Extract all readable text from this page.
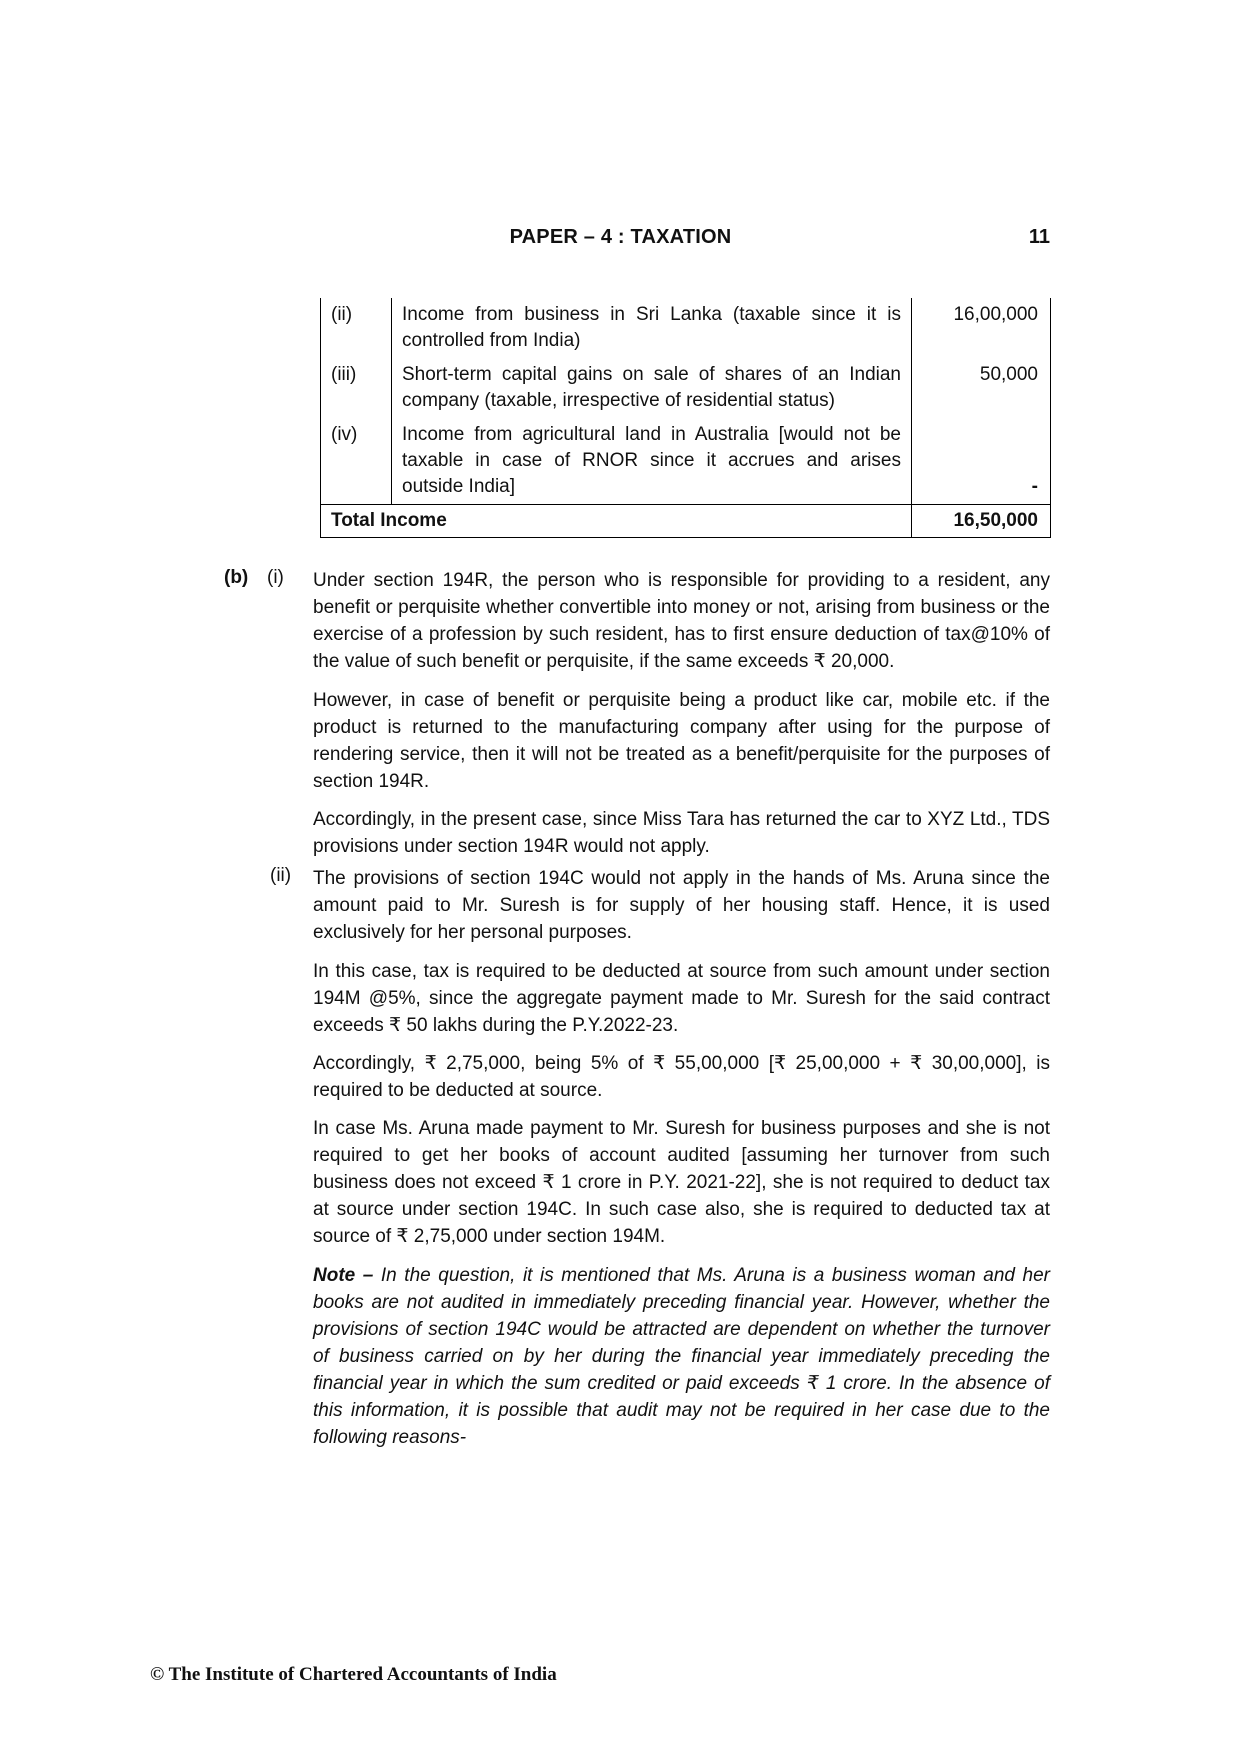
PAPER – 4 : TAXATION	11
(ii)	Income from business in Sri Lanka (taxable since it is controlled from India)	16,00,000
(iii)	Short-term capital gains on sale of shares of an Indian company (taxable, irrespective of residential status)	50,000
(iv)	Income from agricultural land in Australia [would not be taxable in case of RNOR since it accrues and arises outside India]	-
Total Income		16,50,000
(b) (i) Under section 194R, the person who is responsible for providing to a resident, any benefit or perquisite whether convertible into money or not, arising from business or the exercise of a profession by such resident, has to first ensure deduction of tax@10% of the value of such benefit or perquisite, if the same exceeds ₹ 20,000.

However, in case of benefit or perquisite being a product like car, mobile etc. if the product is returned to the manufacturing company after using for the purpose of rendering service, then it will not be treated as a benefit/perquisite for the purposes of section 194R.

Accordingly, in the present case, since Miss Tara has returned the car to XYZ Ltd., TDS provisions under section 194R would not apply.

(ii) The provisions of section 194C would not apply in the hands of Ms. Aruna since the amount paid to Mr. Suresh is for supply of her housing staff. Hence, it is used exclusively for her personal purposes.

In this case, tax is required to be deducted at source from such amount under section 194M @5%, since the aggregate payment made to Mr. Suresh for the said contract exceeds ₹ 50 lakhs during the P.Y.2022-23.

Accordingly, ₹ 2,75,000, being 5% of ₹ 55,00,000 [₹ 25,00,000 + ₹ 30,00,000], is required to be deducted at source.

In case Ms. Aruna made payment to Mr. Suresh for business purposes and she is not required to get her books of account audited [assuming her turnover from such business does not exceed ₹ 1 crore in P.Y. 2021-22], she is not required to deduct tax at source under section 194C. In such case also, she is required to deducted tax at source of ₹ 2,75,000 under section 194M.

Note – In the question, it is mentioned that Ms. Aruna is a business woman and her books are not audited in immediately preceding financial year. However, whether the provisions of section 194C would be attracted are dependent on whether the turnover of business carried on by her during the financial year immediately preceding the financial year in which the sum credited or paid exceeds ₹ 1 crore. In the absence of this information, it is possible that audit may not be required in her case due to the following reasons-

© The Institute of Chartered Accountants of India
